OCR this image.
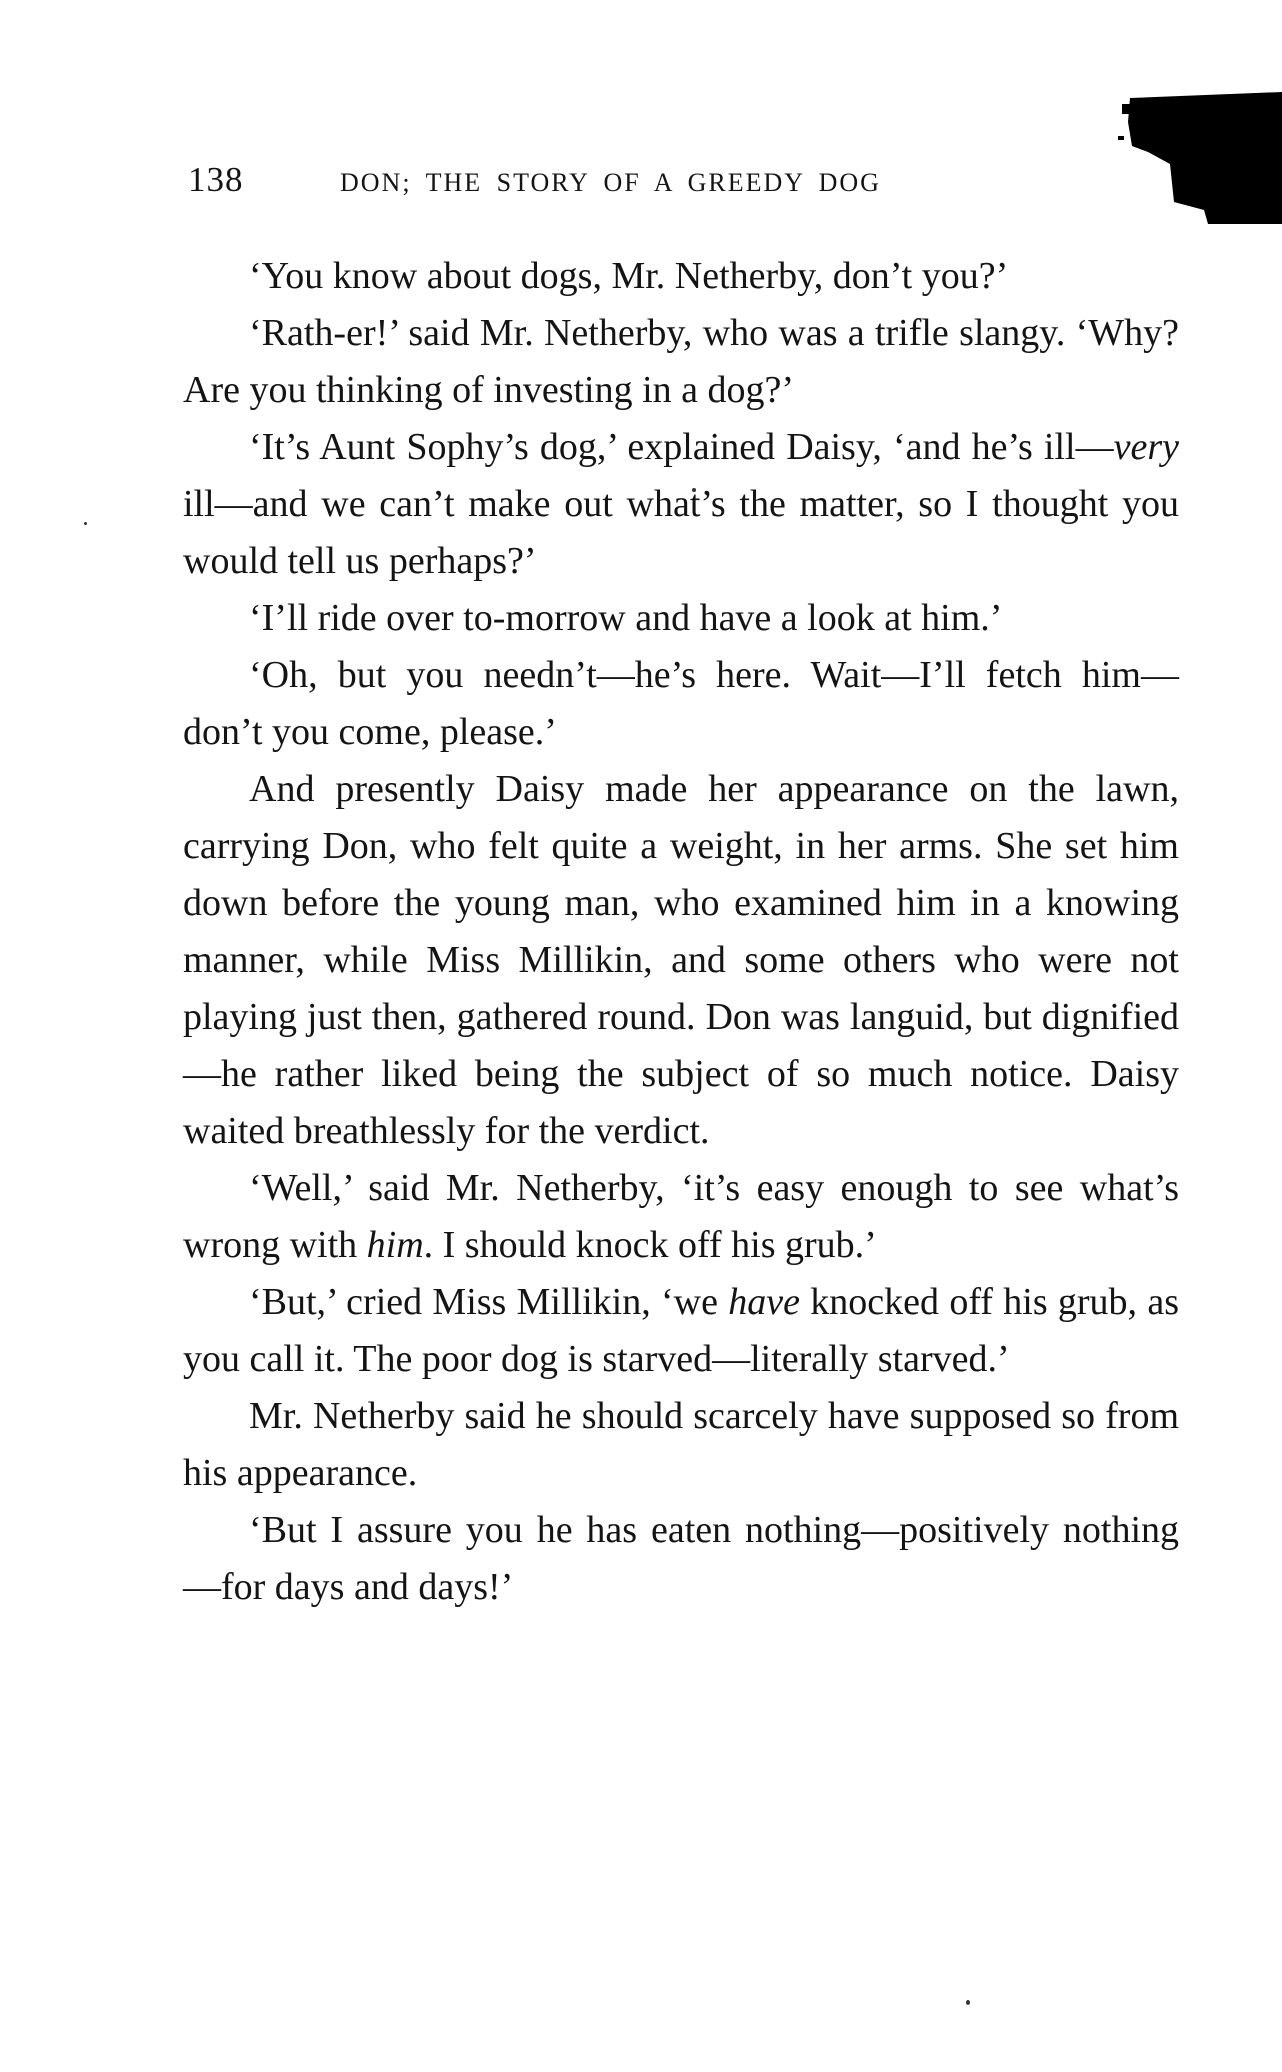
138	DON; THE STORY OF A GREEDY DOG

‘You know about dogs, Mr. Netherby, don’t you?’

‘Rath-er!’ said Mr. Netherby, who was a trifle slangy. ‘Why? Are you thinking of investing in a dog?’

‘It’s Aunt Sophy’s dog,’ explained Daisy, ‘and he’s ill—very ill—and we can’t make out what’s the matter, so I thought you would tell us perhaps?’

‘I’ll ride over to-morrow and have a look at him.’

‘Oh, but you needn’t—he’s here. Wait—I’ll fetch him—don’t you come, please.’

And presently Daisy made her appearance on the lawn, carrying Don, who felt quite a weight, in her arms. She set him down before the young man, who examined him in a knowing manner, while Miss Millikin, and some others who were not playing just then, gathered round. Don was languid, but dignified—he rather liked being the subject of so much notice. Daisy waited breathlessly for the verdict.

‘Well,’ said Mr. Netherby, ‘it’s easy enough to see what’s wrong with him. I should knock off his grub.’

‘But,’ cried Miss Millikin, ‘we have knocked off his grub, as you call it. The poor dog is starved—literally starved.’

Mr. Netherby said he should scarcely have supposed so from his appearance.

‘But I assure you he has eaten nothing—positively nothing—for days and days!’
